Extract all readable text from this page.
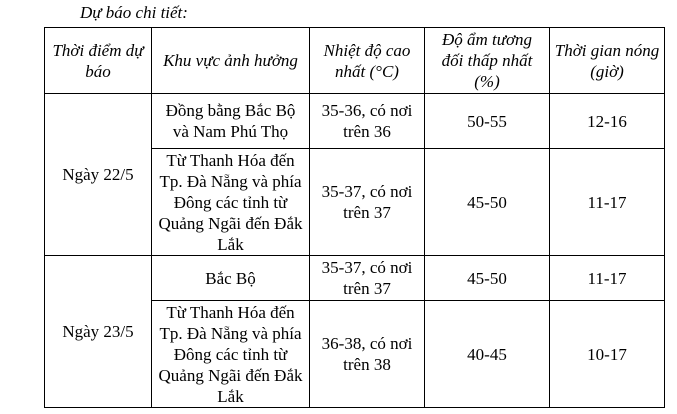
Dự báo chi tiết:
Thời điểm dự báo	Khu vực ảnh hưởng	Nhiệt độ cao nhất (°C)	Độ ẩm tương đối thấp nhất (%)	Thời gian nóng (giờ)
Ngày 22/5	Đồng bằng Bắc Bộ và Nam Phú Thọ	35-36, có nơi trên 36	50-55	12-16
	Từ Thanh Hóa đến Tp. Đà Nẵng và phía Đông các tỉnh từ Quảng Ngãi đến Đắk Lắk	35-37, có nơi trên 37	45-50	11-17
Ngày 23/5	Bắc Bộ	35-37, có nơi trên 37	45-50	11-17
	Từ Thanh Hóa đến Tp. Đà Nẵng và phía Đông các tỉnh từ Quảng Ngãi đến Đắk Lắk	36-38, có nơi trên 38	40-45	10-17
